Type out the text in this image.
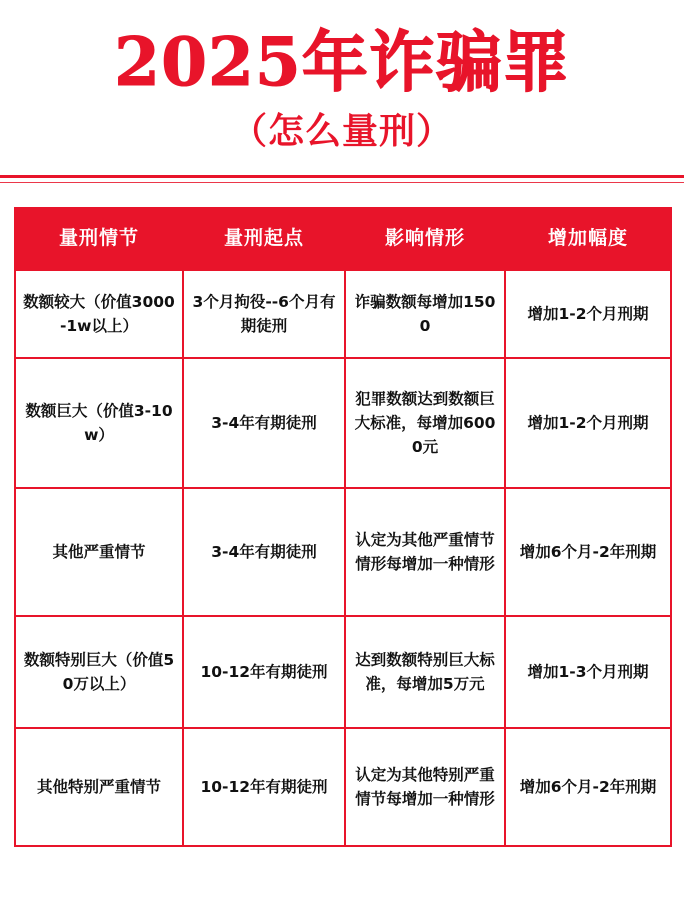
2025年诈骗罪
（怎么量刑）
量刑情节	量刑起点	影响情形	增加幅度
数额较大（价值3000-1w以上）	3个月拘役--6个月有期徒刑	诈骗数额每增加1500	增加1-2个月刑期
数额巨大（价值3-10w）	3-4年有期徒刑	犯罪数额达到数额巨大标准，每增加6000元	增加1-2个月刑期
其他严重情节	3-4年有期徒刑	认定为其他严重情节情形每增加一种情形	增加6个月-2年刑期
数额特别巨大（价值50万以上）	10-12年有期徒刑	达到数额特别巨大标准，每增加5万元	增加1-3个月刑期
其他特别严重情节	10-12年有期徒刑	认定为其他特别严重情节每增加一种情形	增加6个月-2年刑期
